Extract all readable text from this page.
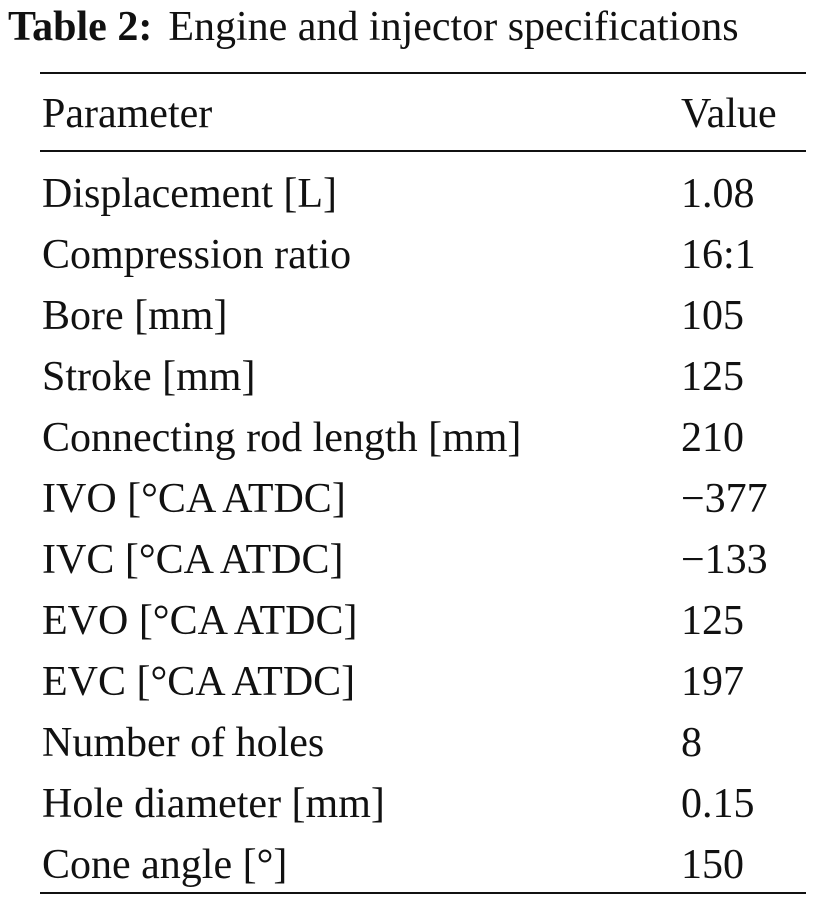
Table 2: Engine and injector specifications
Parameter	Value
Displacement [L]	1.08
Compression ratio	16:1
Bore [mm]	105
Stroke [mm]	125
Connecting rod length [mm]	210
IVO [°CA ATDC]	−377
IVC [°CA ATDC]	−133
EVO [°CA ATDC]	125
EVC [°CA ATDC]	197
Number of holes	8
Hole diameter [mm]	0.15
Cone angle [°]	150
